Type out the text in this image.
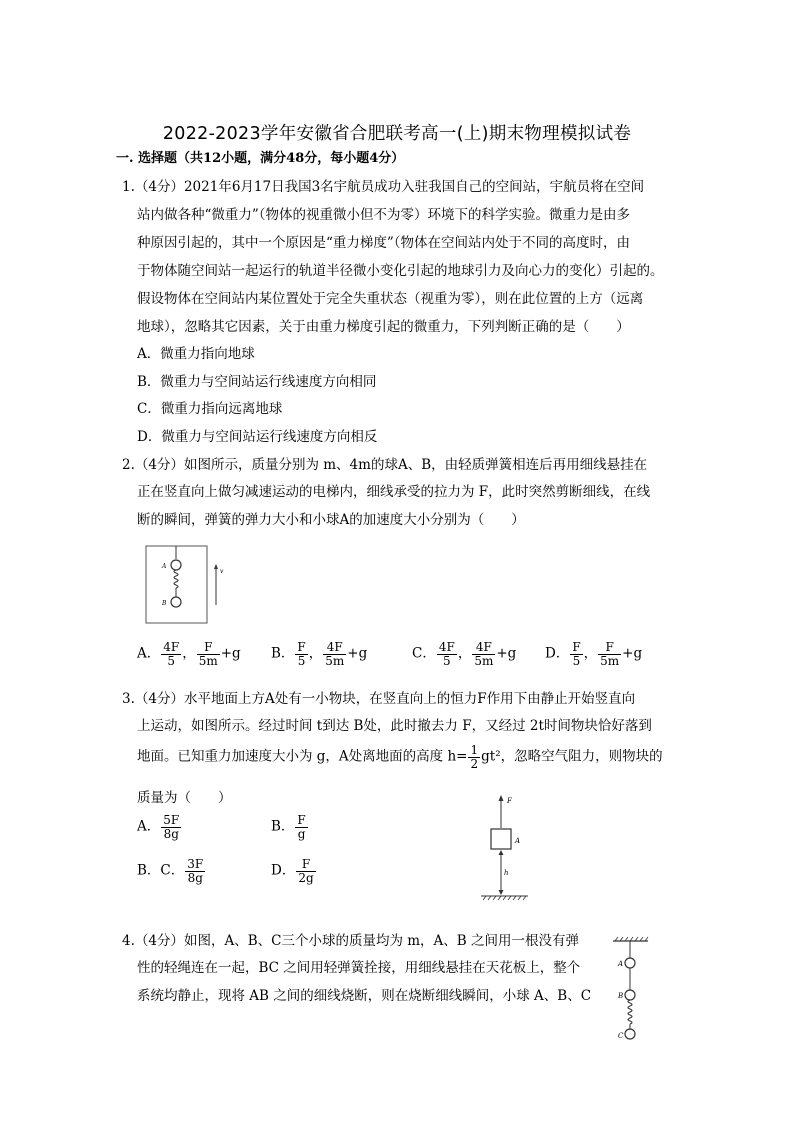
2022-2023学年安徽省合肥联考高一(上)期末物理模拟试卷
一. 选择题（共12小题，满分48分，每小题4分）
1.（4分）2021年6月17日我国3名宇航员成功入驻我国自己的空间站，宇航员将在空间
站内做各种“微重力”（物体的视重微小但不为零）环境下的科学实验。微重力是由多
种原因引起的，其中一个原因是“重力梯度”（物体在空间站内处于不同的高度时，由
于物体随空间站一起运行的轨道半径微小变化引起的地球引力及向心力的变化）引起的。
假设物体在空间站内某位置处于完全失重状态（视重为零），则在此位置的上方（远离
地球），忽略其它因素，关于由重力梯度引起的微重力，下列判断正确的是（　　）
A．微重力指向地球
B．微重力与空间站运行线速度方向相同
C．微重力指向远离地球
D．微重力与空间站运行线速度方向相反
2.（4分）如图所示，质量分别为 m、4m的球A、B，由轻质弹簧相连后再用细线悬挂在
正在竖直向上做匀减速运动的电梯内，细线承受的拉力为 F，此时突然剪断细线，在线
断的瞬间，弹簧的弹力大小和小球A的加速度大小分别为（　　）
A
B
v
A． $\frac{4F}{5}$ ， $\frac{F}{5m} +g$ B． $\frac{F}{5}$ ， $\frac{4F}{5m} +g$	C． $\frac{4F}{5}$ ， $\frac{4F}{5m} +g$ D． $\frac{F}{5}$ ， $\frac{F}{5m} +g$
3.（4分）水平地面上方A处有一小物块，在竖直向上的恒力F作用下由静止开始竖直向
上运动，如图所示。经过时间 t到达 B处，此时撤去力 F，又经过 2t时间物块恰好落到
地面。已知重力加速度大小为 g，A处离地面的高度 $h= \frac{1}{2} gt^2$，忽略空气阻力，则物块的
质量为（　　）
A． $\frac{5F}{8g}$	B． $\frac{F}{g}$
B．C． $\frac{3F}{8g}$	D． $\frac{F}{2g}$
F
A
h
4.（4分）如图，A、B、C三个小球的质量均为 m，A、B 之间用一根没有弹
性的轻绳连在一起，BC 之间用轻弹簧拴接，用细线悬挂在天花板上，整个
系统均静止，现将 AB 之间的细线烧断，则在烧断细线瞬间，小球 A、B、C
A
B
C
